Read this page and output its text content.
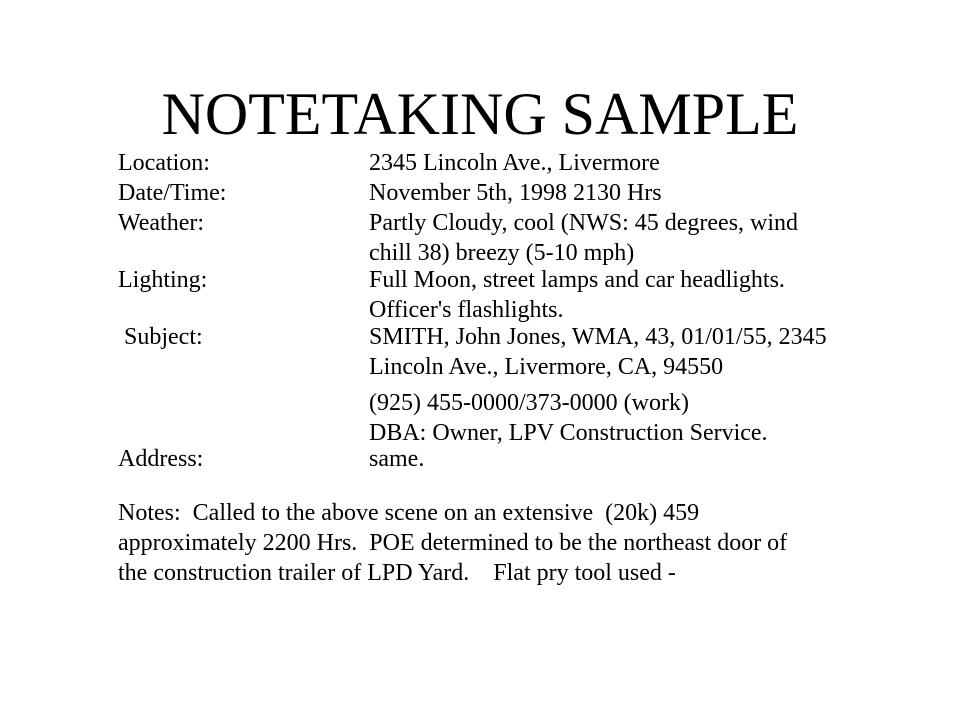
NOTETAKING SAMPLE
Location:	2345 Lincoln Ave., Livermore
Date/Time:	November 5th, 1998 2130 Hrs
Weather:	Partly Cloudy, cool (NWS: 45 degrees, wind
chill 38) breezy (5-10 mph)
Lighting:	Full Moon, street lamps and car headlights.
Officer's flashlights.
Subject:	SMITH, John Jones, WMA, 43, 01/01/55, 2345
Lincoln Ave., Livermore, CA, 94550
(925) 455-0000/373-0000 (work)
DBA: Owner, LPV Construction Service.
Address:	same.
Notes:  Called to the above scene on an extensive  (20k) 459
approximately 2200 Hrs.  POE determined to be the northeast door of
the construction trailer of LPD Yard.    Flat pry tool used -
